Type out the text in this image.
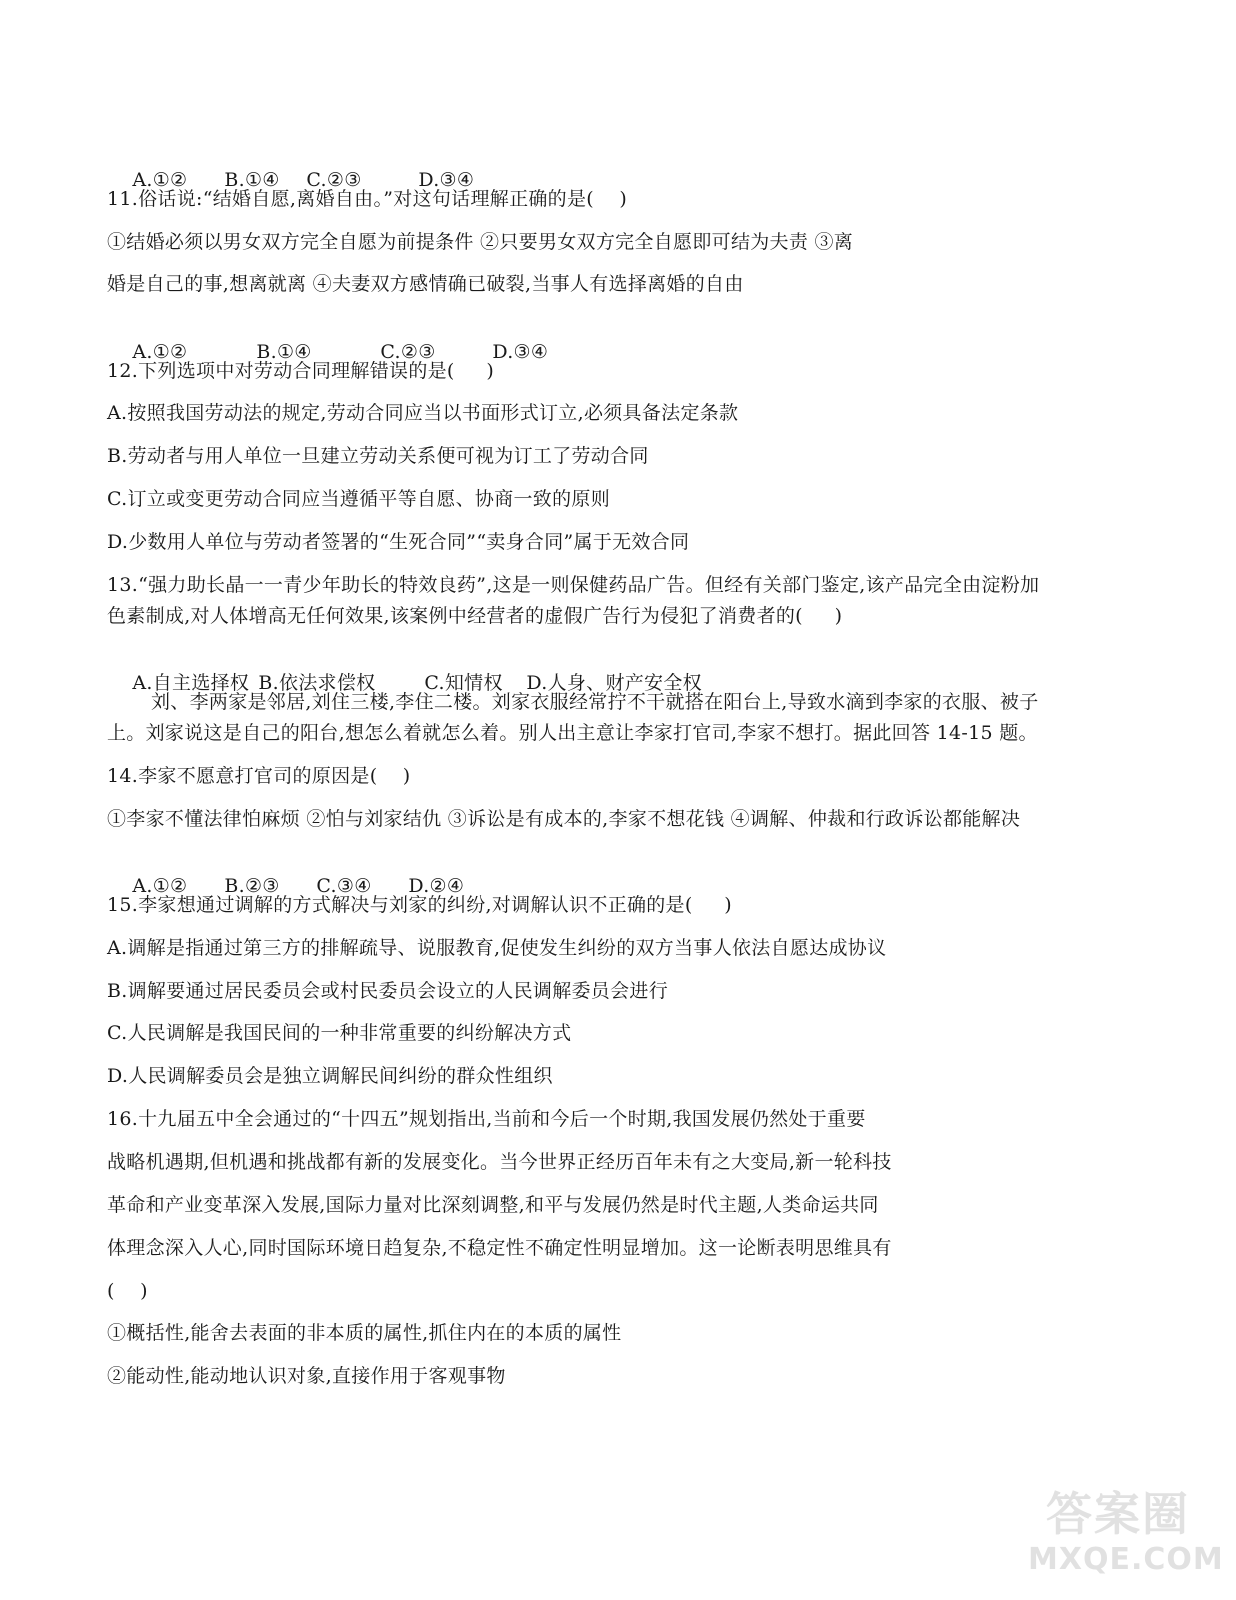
A.①② B.①④ C.②③	D.③④

11.俗话说:“结婚自愿,离婚自由。”对这句话理解正确的是(    )
①结婚必须以男女双方完全自愿为前提条件 ②只要男女双方完全自愿即可结为夫责 ③离
婚是自己的事,想离就离 ④夫妻双方感情确已破裂,当事人有选择离婚的自由

A.①②	B.①④	C.②③	D.③④

12.下列选项中对劳动合同理解错误的是(     )
A.按照我国劳动法的规定,劳动合同应当以书面形式订立,必须具备法定条款
B.劳动者与用人单位一旦建立劳动关系便可视为订工了劳动合同
C.订立或变更劳动合同应当遵循平等自愿、协商一致的原则
D.少数用人单位与劳动者签署的“生死合同”“卖身合同”属于无效合同
13.“强力助长晶一一青少年助长的特效良药”,这是一则保健药品广告。但经有关部门鉴定,该产品完全由淀粉加
色素制成,对人体增高无任何效果,该案例中经营者的虚假广告行为侵犯了消费者的(     )

A.自主选择权 B.依法求偿权	C.知情权 D.人身、财产安全权

刘、李两家是邻居,刘住三楼,李住二楼。刘家衣服经常拧不干就搭在阳台上,导致水滴到李家的衣服、被子
上。刘家说这是自己的阳台,想怎么着就怎么着。别人出主意让李家打官司,李家不想打。据此回答 14-15 题。
14.李家不愿意打官司的原因是(    )
①李家不懂法律怕麻烦 ②怕与刘家结仇 ③诉讼是有成本的,李家不想花钱 ④调解、仲裁和行政诉讼都能解决

A.①② B.②③ C.③④ D.②④

15.李家想通过调解的方式解决与刘家的纠纷,对调解认识不正确的是(     )
A.调解是指通过第三方的排解疏导、说服教育,促使发生纠纷的双方当事人依法自愿达成协议
B.调解要通过居民委员会或村民委员会设立的人民调解委员会进行
C.人民调解是我国民间的一种非常重要的纠纷解决方式
D.人民调解委员会是独立调解民间纠纷的群众性组织
16.十九届五中全会通过的“十四五”规划指出,当前和今后一个时期,我国发展仍然处于重要
战略机遇期,但机遇和挑战都有新的发展变化。当今世界正经历百年未有之大变局,新一轮科技
革命和产业变革深入发展,国际力量对比深刻调整,和平与发展仍然是时代主题,人类命运共同
体理念深入人心,同时国际环境日趋复杂,不稳定性不确定性明显增加。这一论断表明思维具有
(    )
①概括性,能舍去表面的非本质的属性,抓住内在的本质的属性
②能动性,能动地认识对象,直接作用于客观事物
答案圈
MXQE.COM
